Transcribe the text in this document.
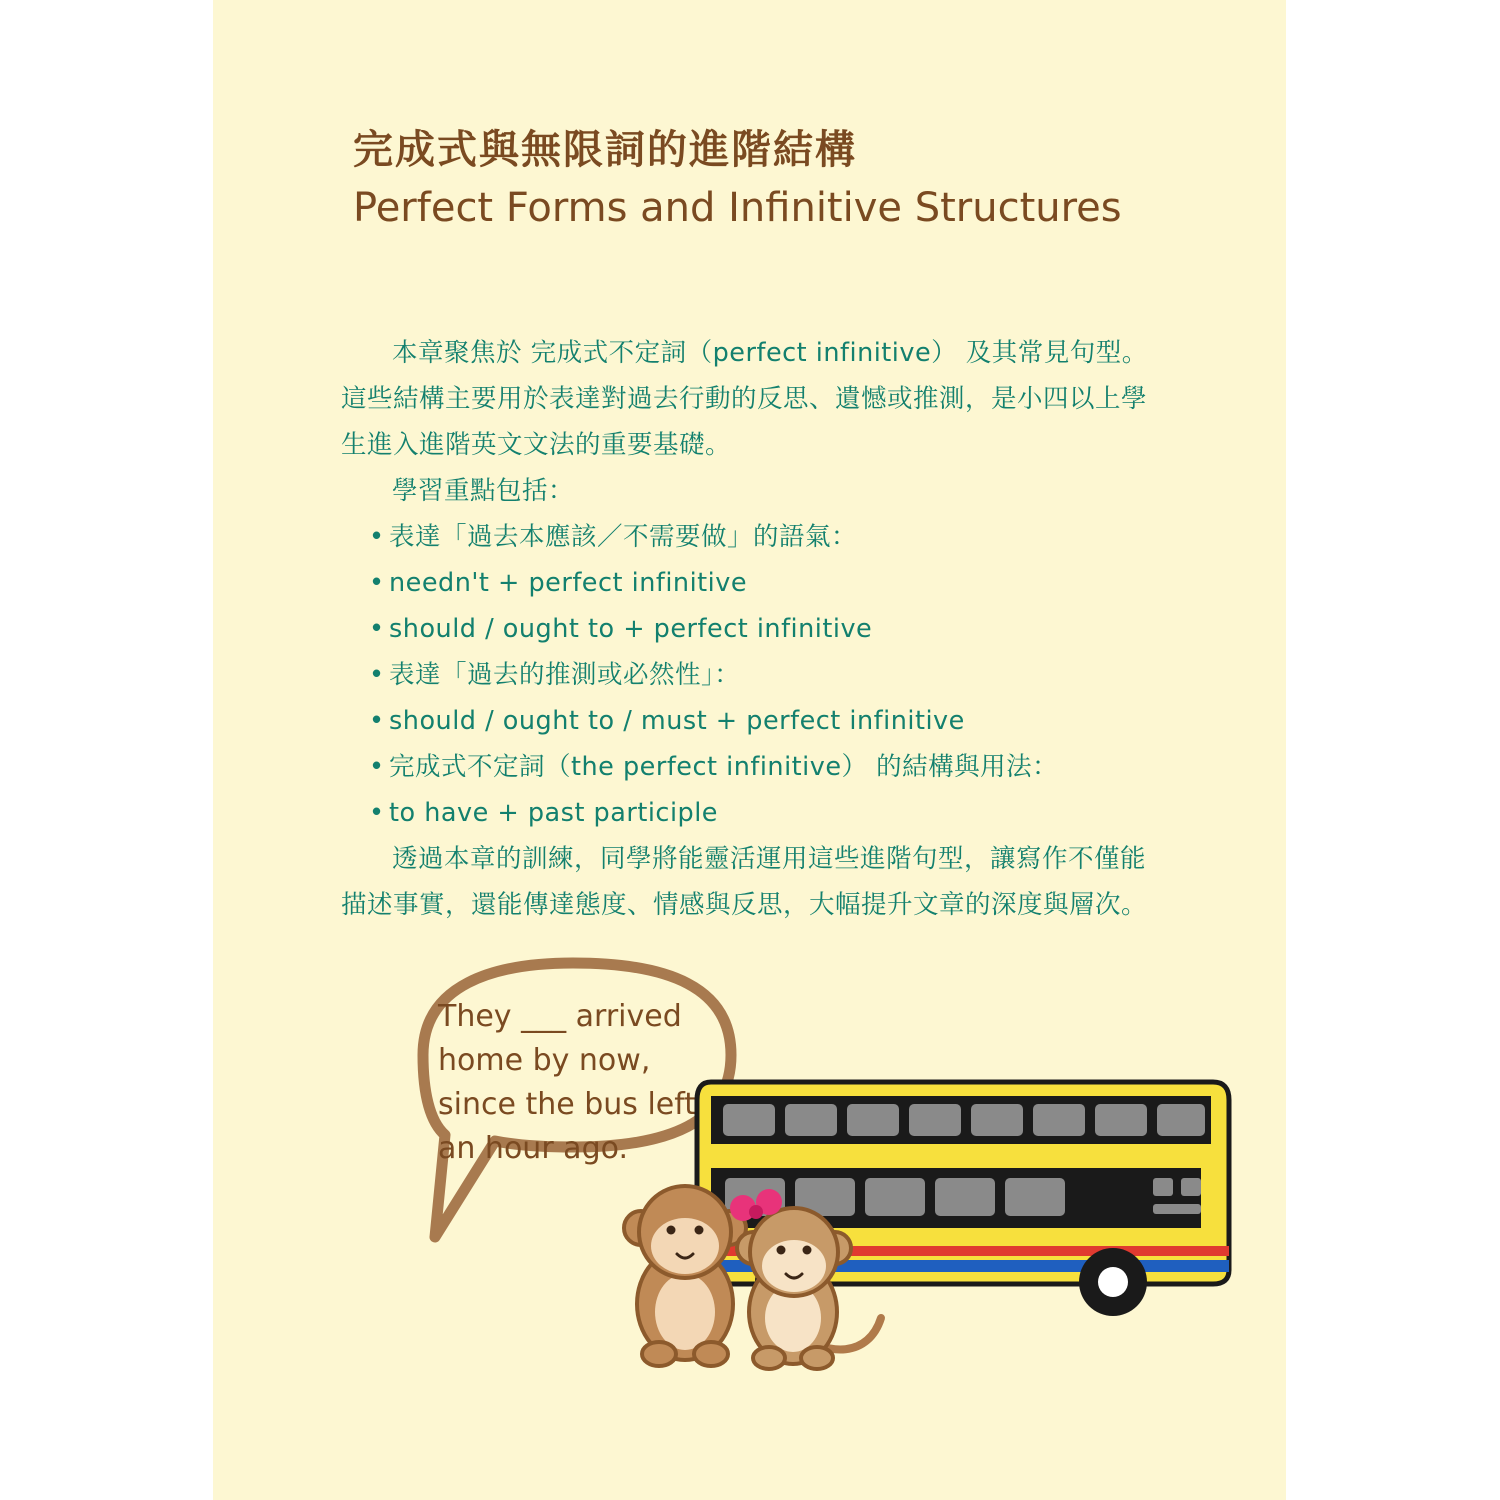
完成式與無限詞的進階結構
Perfect Forms and Infinitive Structures

本章聚焦於 完成式不定詞（perfect infinitive） 及其常見句型。這些結構主要用於表達對過去行動的反思、遺憾或推測，是小四以上學生進入進階英文文法的重要基礎。

學習重點包括：

• 表達「過去本應該／不需要做」的語氣：
• needn't + perfect infinitive
• should / ought to + perfect infinitive
• 表達「過去的推測或必然性」：
• should / ought to / must + perfect infinitive
• 完成式不定詞（the perfect infinitive） 的結構與用法：
• to have + past participle

透過本章的訓練，同學將能靈活運用這些進階句型，讓寫作不僅能描述事實，還能傳達態度、情感與反思，大幅提升文章的深度與層次。

They ___ arrived home by now, since the bus left an hour ago.
